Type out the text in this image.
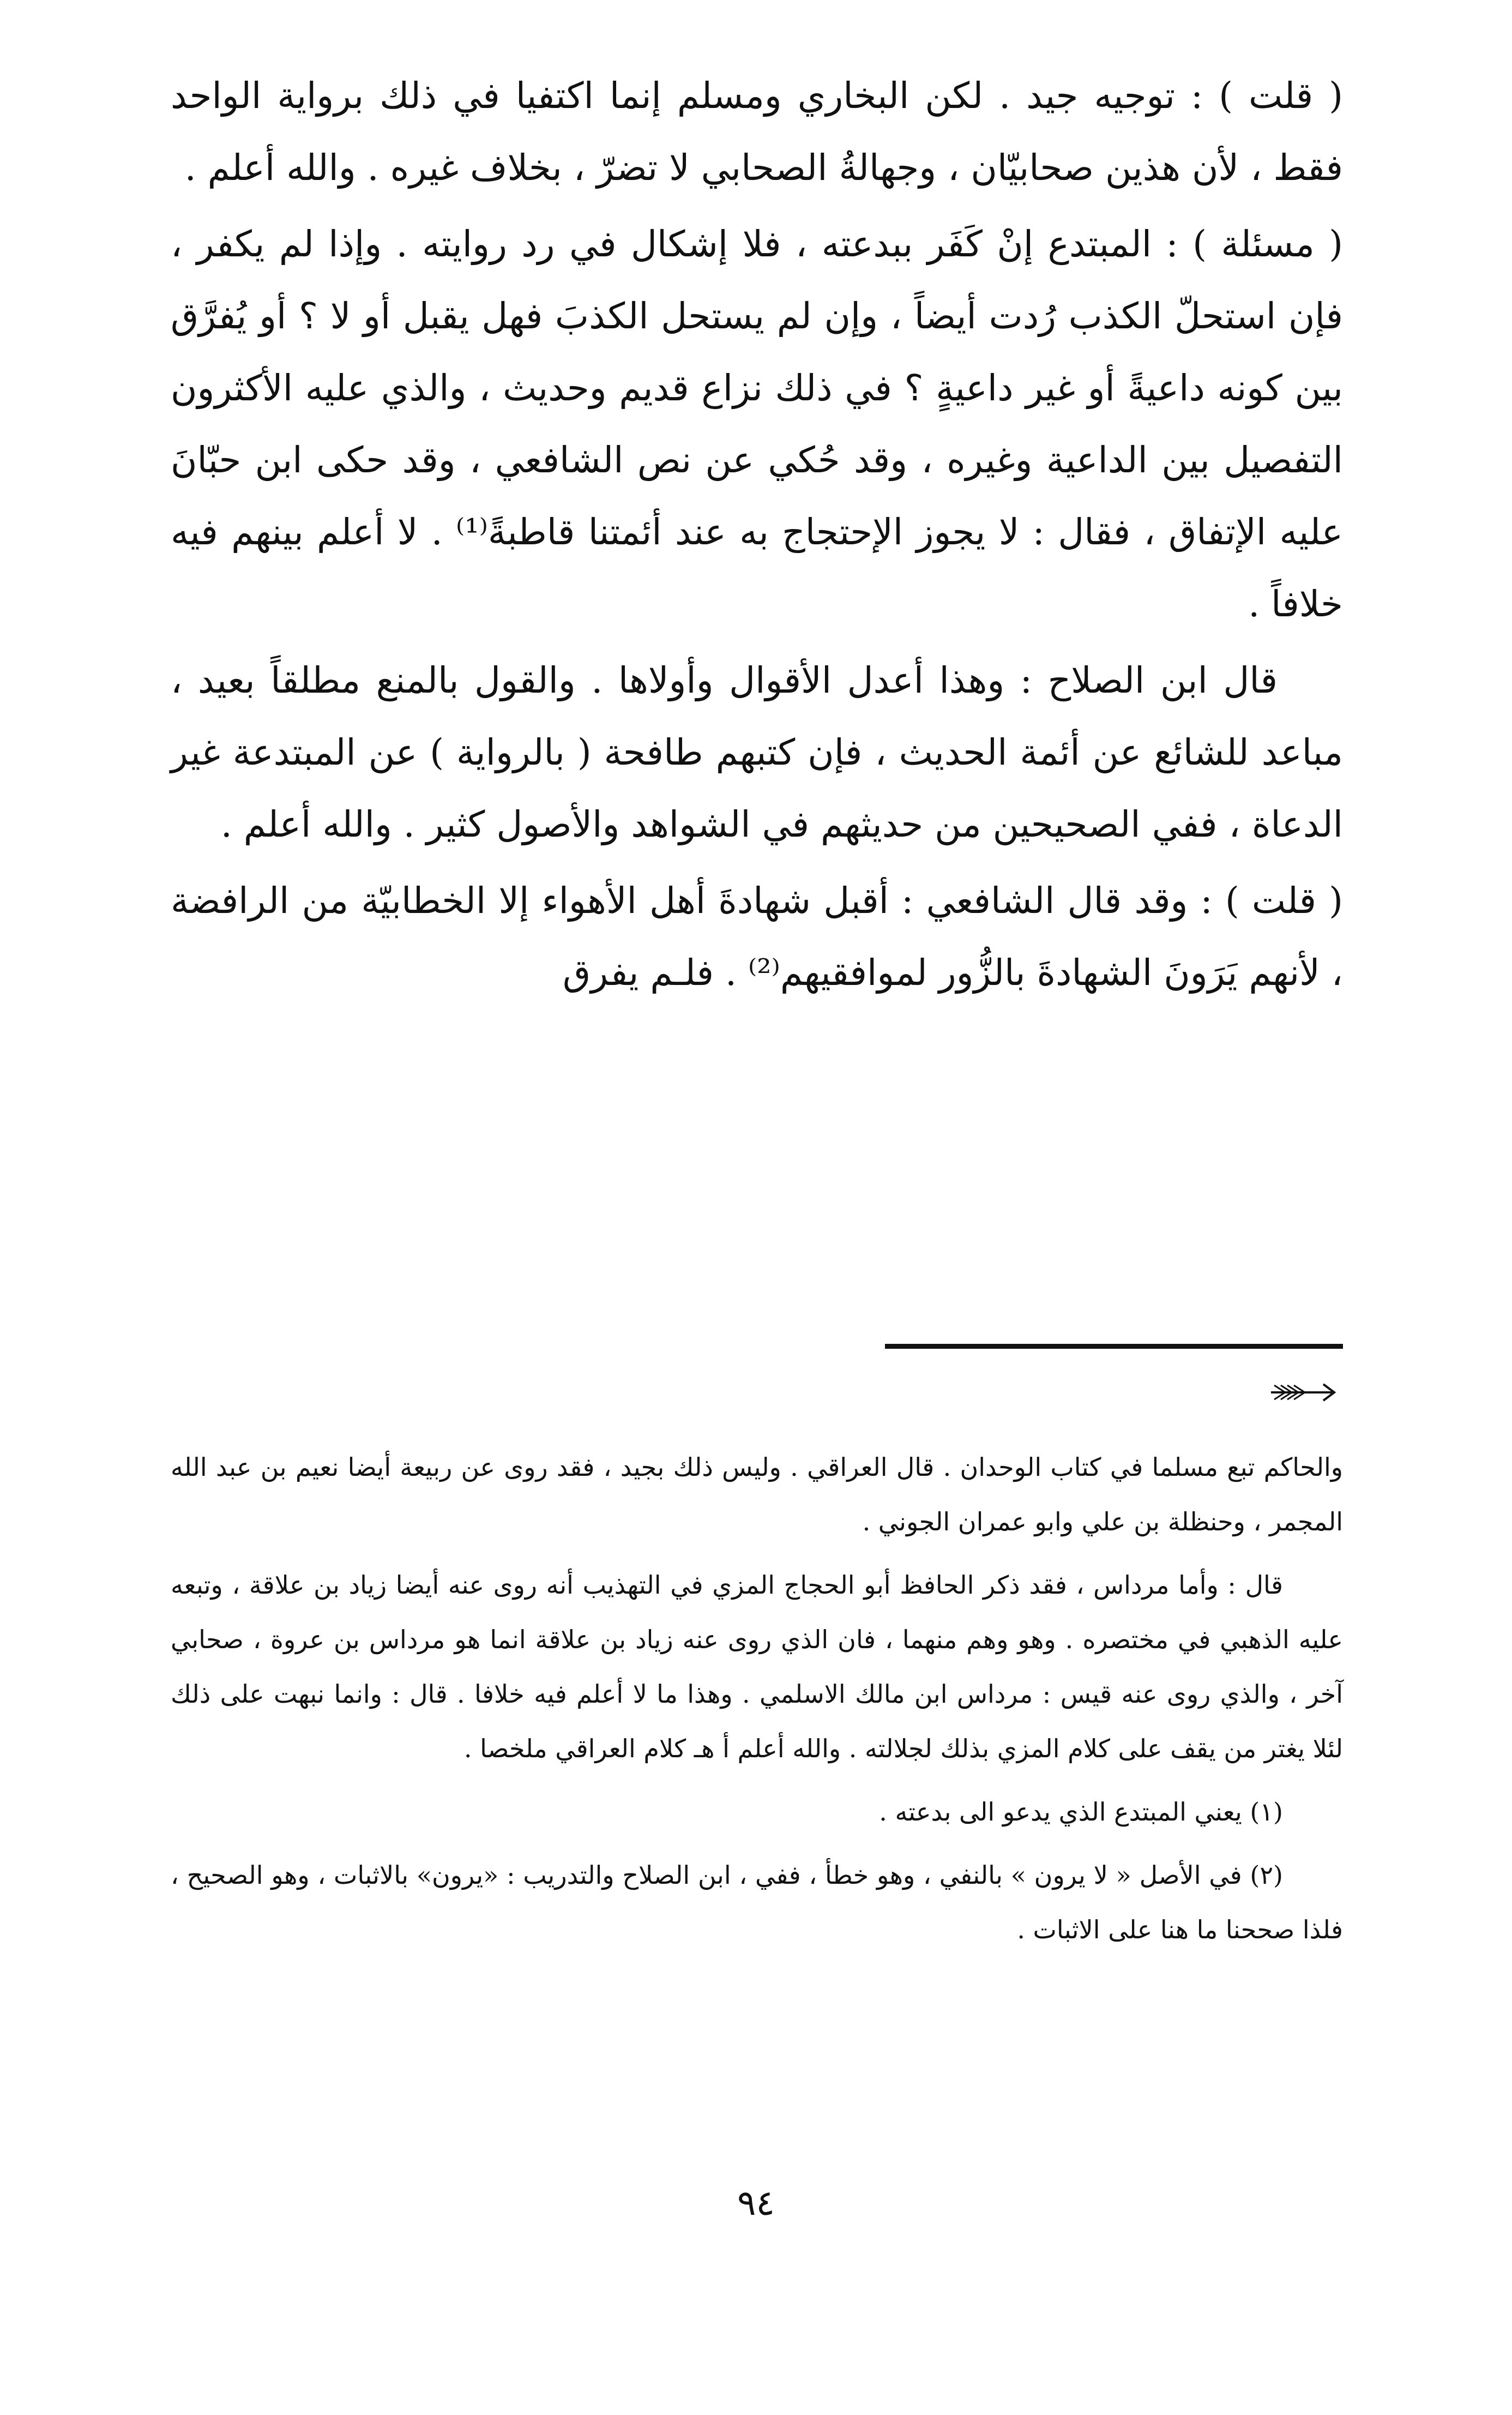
( قلت ) : توجيه جيد . لكن البخاري ومسلم إنما اكتفيا في ذلك برواية الواحد فقط ، لأن هذين صحابيّان ، وجهالةُ الصحابي لا تضرّ ، بخلاف غيره . والله أعلم .

( مسئلة ) : المبتدع إنْ كَفَر ببدعته ، فلا إشكال في رد روايته . وإذا لم يكفر ، فإن استحلّ الكذب رُدت أيضاً ، وإن لم يستحل الكذبَ فهل يقبل أو لا ؟ أو يُفرَّق بين كونه داعيةً أو غير داعيةٍ ؟ في ذلك نزاع قديم وحديث ، والذي عليه الأكثرون التفصيل بين الداعية وغيره ، وقد حُكي عن نص الشافعي ، وقد حكى ابن حبّانَ عليه الإتفاق ، فقال : لا يجوز الإحتجاج به عند أئمتنا قاطبةً⁽¹⁾ . لا أعلم بينهم فيه خلافاً .

قال ابن الصلاح : وهذا أعدل الأقوال وأولاها . والقول بالمنع مطلقاً بعيد ، مباعد للشائع عن أئمة الحديث ، فإن كتبهم طافحة ( بالرواية ) عن المبتدعة غير الدعاة ، ففي الصحيحين من حديثهم في الشواهد والأصول كثير . والله أعلم .

( قلت ) : وقد قال الشافعي : أقبل شهادةَ أهل الأهواء إلا الخطابيّة من الرافضة ، لأنهم يَرَونَ الشهادةَ بالزُّور لموافقيهم⁽²⁾ . فلـم يفرق

والحاكم تبع مسلما في كتاب الوحدان . قال العراقي . وليس ذلك بجيد ، فقد روى عن ربيعة أيضا نعيم بن عبد الله المجمر ، وحنظلة بن علي وابو عمران الجوني .

قال : وأما مرداس ، فقد ذكر الحافظ أبو الحجاج المزي في التهذيب أنه روى عنه أيضا زياد بن علاقة ، وتبعه عليه الذهبي في مختصره . وهو وهم منهما ، فان الذي روى عنه زياد بن علاقة انما هو مرداس بن عروة ، صحابي آخر ، والذي روى عنه قيس : مرداس ابن مالك الاسلمي . وهذا ما لا أعلم فيه خلافا . قال : وانما نبهت على ذلك لئلا يغتر من يقف على كلام المزي بذلك لجلالته . والله أعلم أ هـ كلام العراقي ملخصا .

(١) يعني المبتدع الذي يدعو الى بدعته .

(٢) في الأصل « لا يرون » بالنفي ، وهو خطأ ، ففي ، ابن الصلاح والتدريب : «يرون» بالاثبات ، وهو الصحيح ، فلذا صححنا ما هنا على الاثبات .

٩٤
